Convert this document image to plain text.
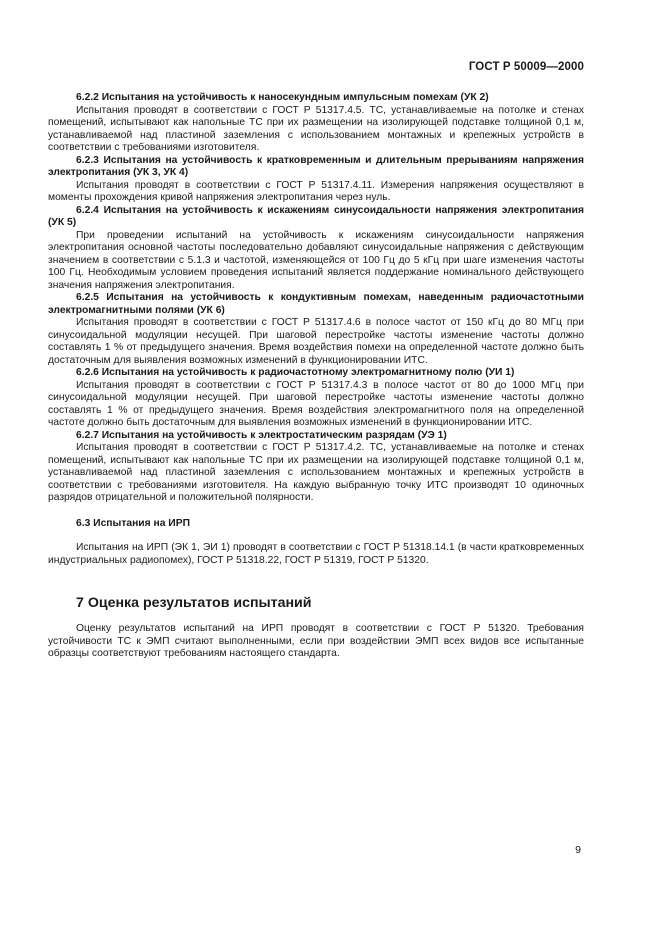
ГОСТ Р 50009—2000

6.2.2 Испытания на устойчивость к наносекундным импульсным помехам (УК 2)

Испытания проводят в соответствии с ГОСТ Р 51317.4.5. ТС, устанавливаемые на потолке и стенах помещений, испытывают как напольные ТС при их размещении на изолирующей подставке толщиной 0,1 м, устанавливаемой над пластиной заземления с использованием монтажных и крепежных устройств в соответствии с требованиями изготовителя.

6.2.3 Испытания на устойчивость к кратковременным и длительным прерываниям напряжения электропитания (УК 3, УК 4)

Испытания проводят в соответствии с ГОСТ Р 51317.4.11. Измерения напряжения осуществляют в моменты прохождения кривой напряжения электропитания через нуль.

6.2.4 Испытания на устойчивость к искажениям синусоидальности напряжения электропитания (УК 5)

При проведении испытаний на устойчивость к искажениям синусоидальности напряжения электропитания основной частоты последовательно добавляют синусоидальные напряжения с действующим значением в соответствии с 5.1.3 и частотой, изменяющейся от 100 Гц до 5 кГц при шаге изменения частоты 100 Гц. Необходимым условием проведения испытаний является поддержание номинального действующего значения напряжения электропитания.

6.2.5 Испытания на устойчивость к кондуктивным помехам, наведенным радиочастотными электромагнитными полями (УК 6)

Испытания проводят в соответствии с ГОСТ Р 51317.4.6 в полосе частот от 150 кГц до 80 МГц при синусоидальной модуляции несущей. При шаговой перестройке частоты изменение частоты должно составлять 1 % от предыдущего значения. Время воздействия помехи на определенной частоте должно быть достаточным для выявления возможных изменений в функционировании ИТС.

6.2.6 Испытания на устойчивость к радиочастотному электромагнитному полю (УИ 1)

Испытания проводят в соответствии с ГОСТ Р 51317.4.3 в полосе частот от 80 до 1000 МГц при синусоидальной модуляции несущей. При шаговой перестройке частоты изменение частоты должно составлять 1 % от предыдущего значения. Время воздействия электромагнитного поля на определенной частоте должно быть достаточным для выявления возможных изменений в функционировании ИТС.

6.2.7 Испытания на устойчивость к электростатическим разрядам (УЭ 1)

Испытания проводят в соответствии с ГОСТ Р 51317.4.2. ТС, устанавливаемые на потолке и стенах помещений, испытывают как напольные ТС при их размещении на изолирующей подставке толщиной 0,1 м, устанавливаемой над пластиной заземления с использованием монтажных и крепежных устройств в соответствии с требованиями изготовителя. На каждую выбранную точку ИТС производят 10 одиночных разрядов отрицательной и положительной полярности.

6.3 Испытания на ИРП

Испытания на ИРП (ЭК 1, ЭИ 1) проводят в соответствии с ГОСТ Р 51318.14.1 (в части кратковременных индустриальных радиопомех), ГОСТ Р 51318.22, ГОСТ Р 51319, ГОСТ Р 51320.

7 Оценка результатов испытаний

Оценку результатов испытаний на ИРП проводят в соответствии с ГОСТ Р 51320. Требования устойчивости ТС к ЭМП считают выполненными, если при воздействии ЭМП всех видов все испытанные образцы соответствуют требованиям настоящего стандарта.

9
